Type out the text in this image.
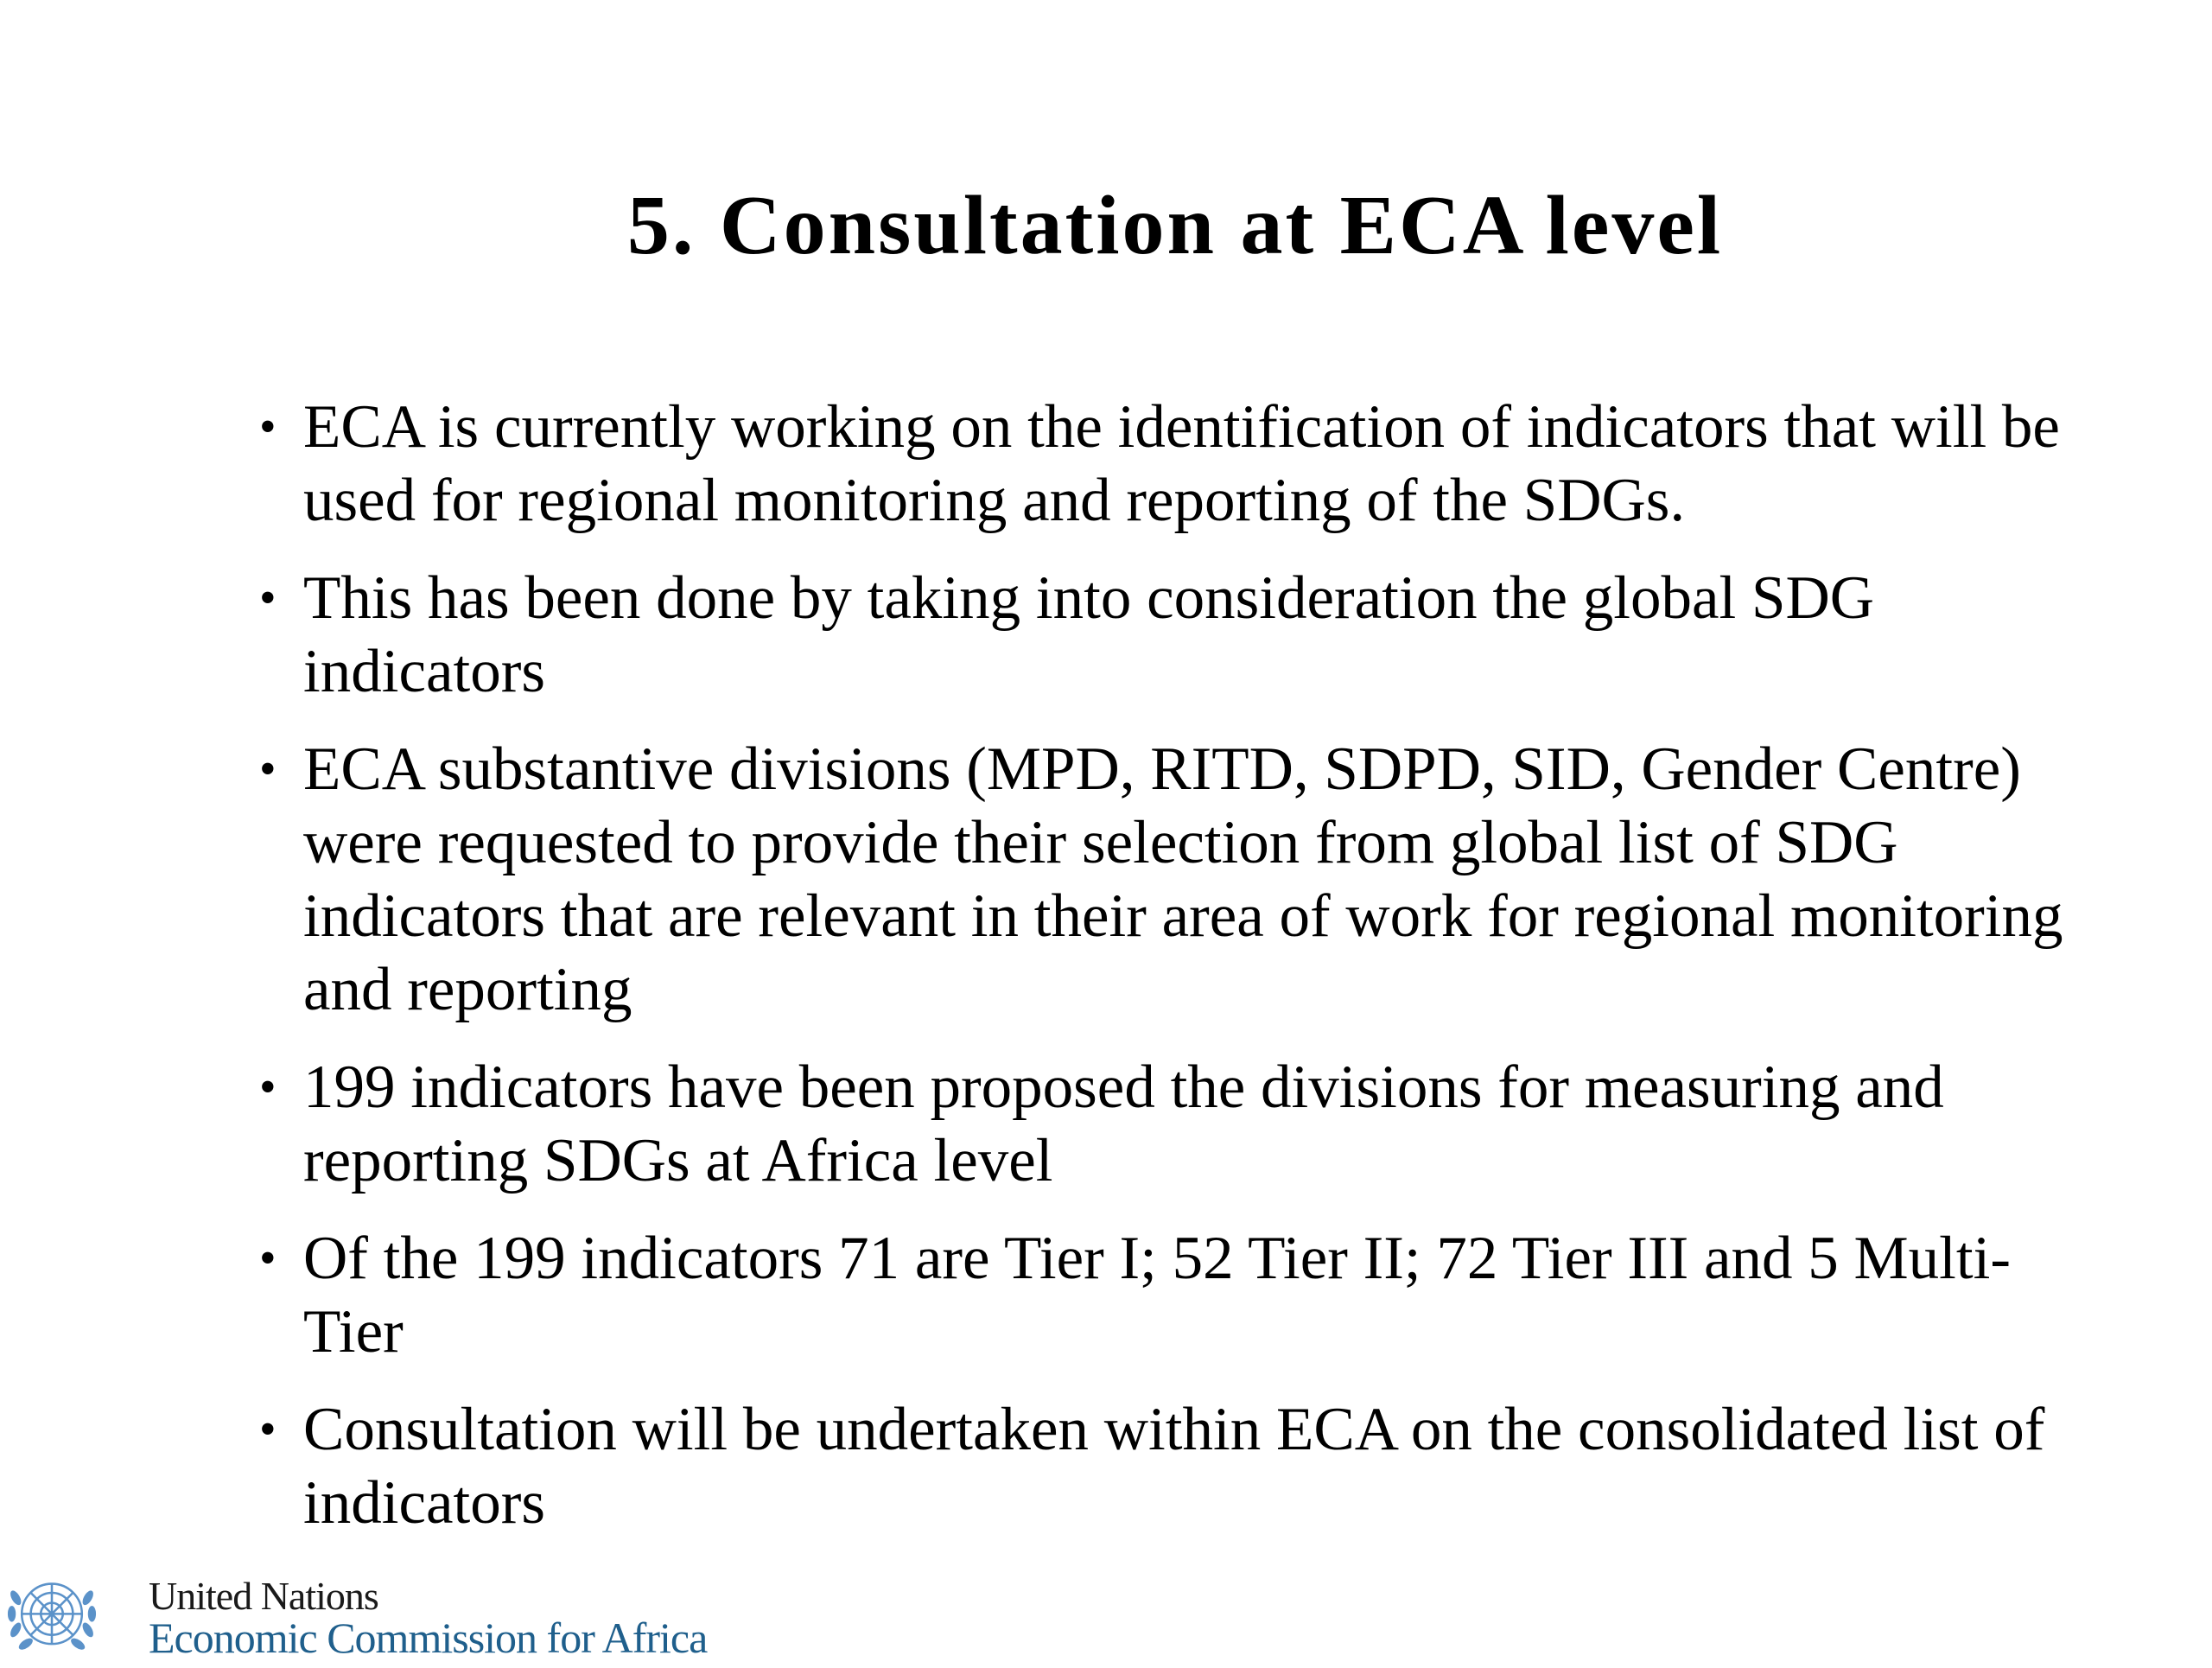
5. Consultation at ECA level
• ECA is currently working on the identification of indicators that will be used for regional monitoring and reporting of the SDGs.
• This has been done by taking into consideration the global SDG indicators
• ECA substantive divisions (MPD, RITD, SDPD, SID, Gender Centre) were requested to provide their selection from global list of SDG indicators that are relevant in their area of work for regional monitoring and reporting
• 199 indicators have been proposed the divisions for measuring and reporting SDGs at Africa level
• Of the 199 indicators 71 are Tier I; 52 Tier II; 72 Tier III and 5 Multi-Tier
• Consultation will be undertaken within ECA on the consolidated list of indicators
United Nations
Economic Commission for Africa
